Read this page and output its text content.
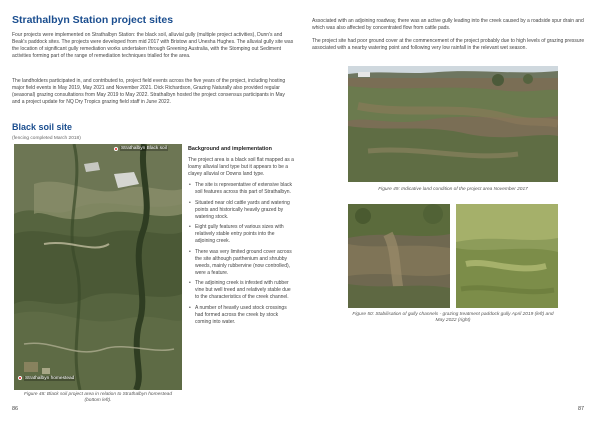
Strathalbyn Station project sites

Four projects were implemented on Strathalbyn Station: the black soil, alluvial gully (multiple project activities), Dunn's and Beak's paddock sites. The projects were developed from mid 2017 with Bristow and Unesha Hughes. The alluvial gully site was the location of significant gully remediation works undertaken through Greening Australia, with the Stomping out Sediment activities forming part of the range of remediation techniques trialled for the area.

The landholders participated in, and contributed to, project field events across the five years of the project, including hosting major field events in May 2019, May 2021 and November 2021. Dick Richardson, Grazing Naturally also provided regular (seasonal) grazing consultations from May 2019 to May 2022. Strathalbyn hosted the project consensus participants in May and a project update for NQ Dry Tropics grazing field staff in June 2022.

Black soil site
(fencing completed March 2018)
Strathalbyn Black soil
Strathalbyn homestead
Figure 48: Black soil project area in relation to Strathalbyn homestead (bottom left).
Background and implementation

The project area is a black soil flat mapped as a loamy alluvial land type but it appears to be a clayey alluvial or Downs land type.

• The site is representative of extensive black soil features across this part of Strathalbyn.
• Situated near old cattle yards and watering points and historically heavily grazed by watering stock.
• Eight gully features of various sizes with relatively stable entry points into the adjoining creek.
• There was very limited ground cover across the site although parthenium and shrubby weeds, mainly rubbervine (now controlled), were a feature.
• The adjoining creek is infested with rubber vine but well treed and relatively stable due to the characteristics of the creek channel.
• A number of heavily used stock crossings had formed across the creek by stock coming into water.
86

Associated with an adjoining roadway, there was an active gully leading into the creek caused by a roadside spur drain and which was also affected by concentrated flow from cattle pads.

The project site had poor ground cover at the commencement of the project probably due to high levels of grazing pressure associated with a nearby watering point and following very low rainfall in the relevant wet season.

Figure 49: Indicative land condition of the project area November 2017
Figure 50: Stabilisation of gully channels - grazing treatment paddock gully April 2019 (left) and May 2022 (right)
87
